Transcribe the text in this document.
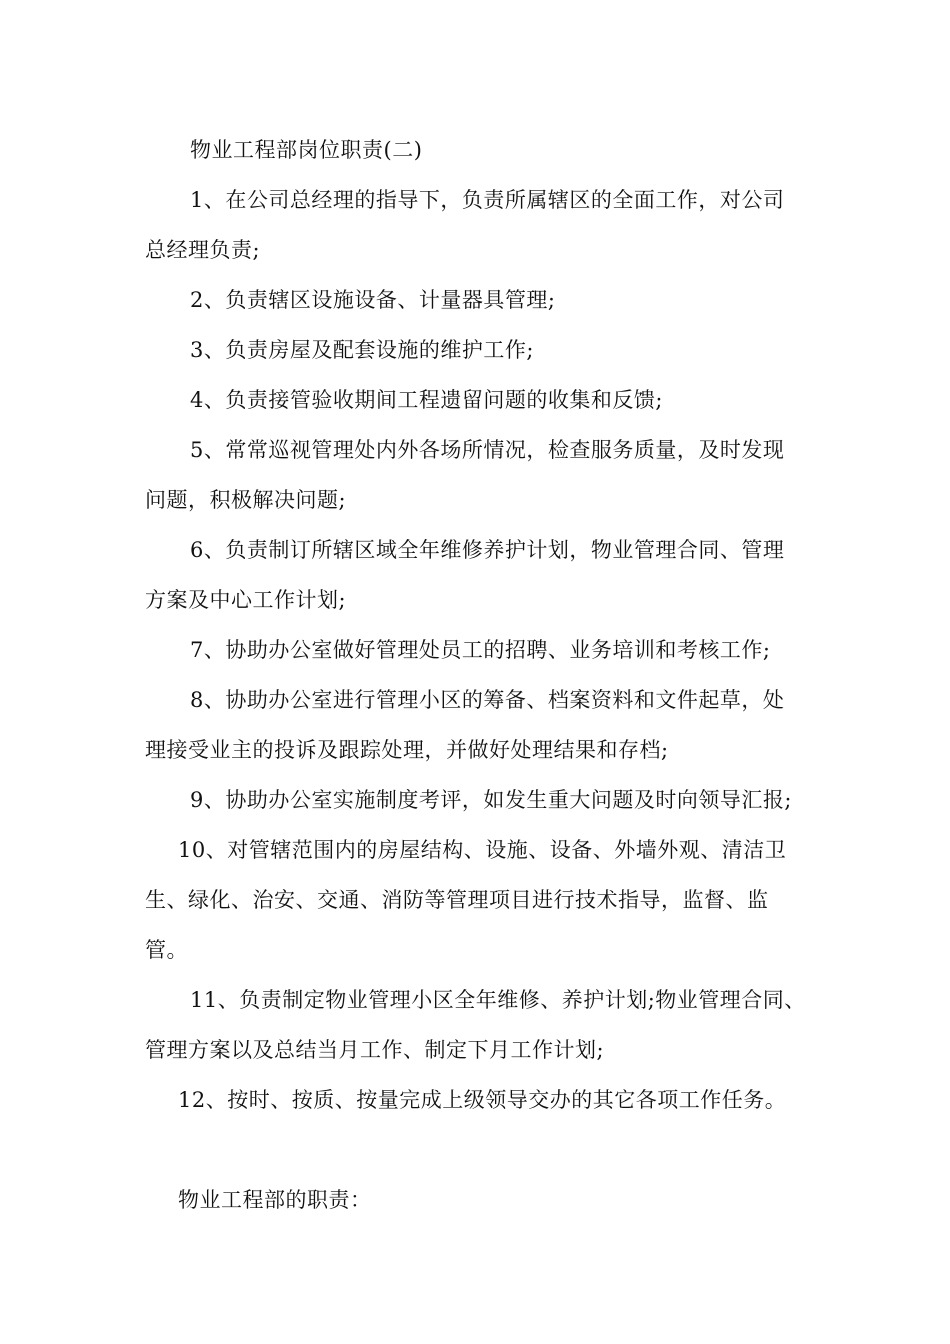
物业工程部岗位职责(二)
1、在公司总经理的指导下，负责所属辖区的全面工作，对公司
总经理负责;
2、负责辖区设施设备、计量器具管理;
3、负责房屋及配套设施的维护工作;
4、负责接管验收期间工程遗留问题的收集和反馈;
5、常常巡视管理处内外各场所情况，检查服务质量，及时发现
问题，积极解决问题;
6、负责制订所辖区域全年维修养护计划，物业管理合同、管理
方案及中心工作计划;
7、协助办公室做好管理处员工的招聘、业务培训和考核工作;
8、协助办公室进行管理小区的筹备、档案资料和文件起草，处
理接受业主的投诉及跟踪处理，并做好处理结果和存档;
9、协助办公室实施制度考评，如发生重大问题及时向领导汇报;
10、对管辖范围内的房屋结构、设施、设备、外墙外观、清洁卫
生、绿化、治安、交通、消防等管理项目进行技术指导，监督、监
管。
11、负责制定物业管理小区全年维修、养护计划;物业管理合同、
管理方案以及总结当月工作、制定下月工作计划;
12、按时、按质、按量完成上级领导交办的其它各项工作任务。
物业工程部的职责：
